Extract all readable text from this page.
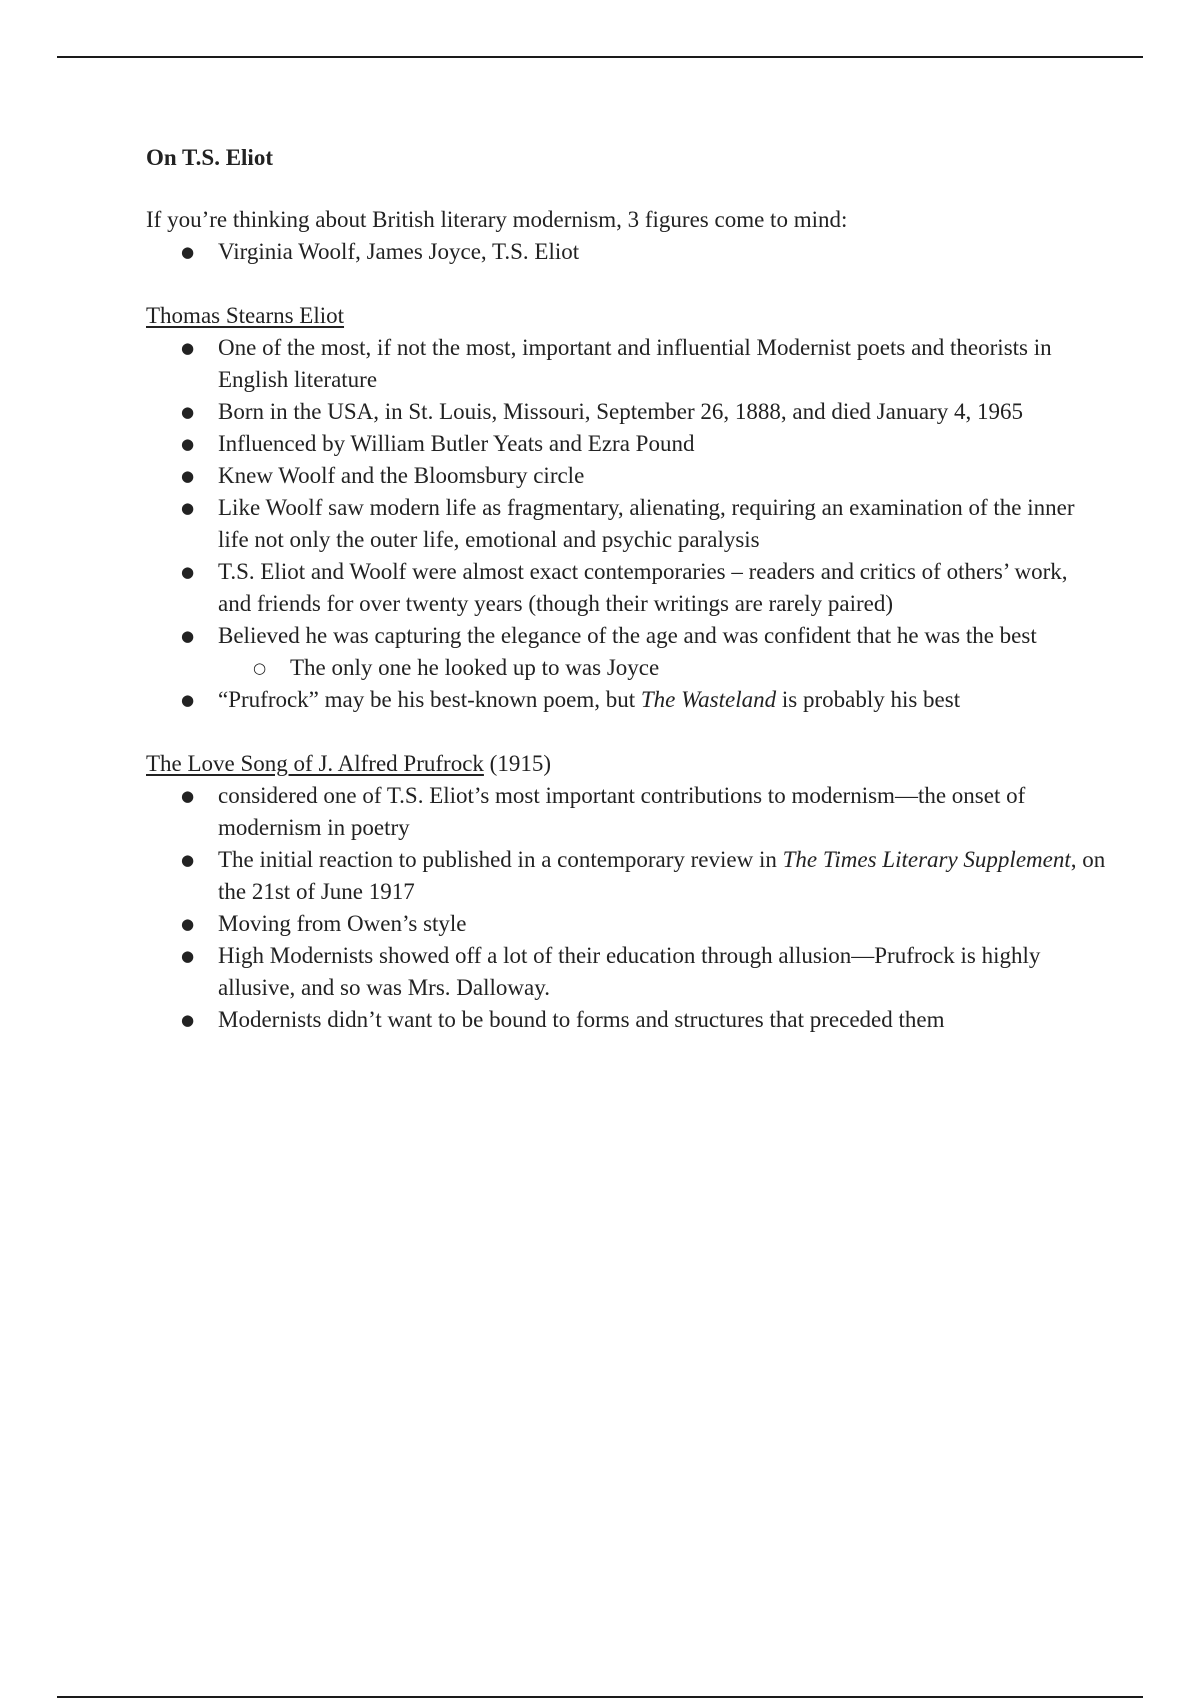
On T.S. Eliot

If you’re thinking about British literary modernism, 3 figures come to mind:

● Virginia Woolf, James Joyce, T.S. Eliot

Thomas Stearns Eliot

● One of the most, if not the most, important and influential Modernist poets and theorists in English literature
● Born in the USA, in St. Louis, Missouri, September 26, 1888, and died January 4, 1965
● Influenced by William Butler Yeats and Ezra Pound
● Knew Woolf and the Bloomsbury circle
● Like Woolf saw modern life as fragmentary, alienating, requiring an examination of the inner life not only the outer life, emotional and psychic paralysis
● T.S. Eliot and Woolf were almost exact contemporaries – readers and critics of others’ work, and friends for over twenty years (though their writings are rarely paired)
● Believed he was capturing the elegance of the age and was confident that he was the best
○ The only one he looked up to was Joyce
● “Prufrock” may be his best-known poem, but The Wasteland is probably his best

The Love Song of J. Alfred Prufrock (1915)

● considered one of T.S. Eliot’s most important contributions to modernism—the onset of modernism in poetry
● The initial reaction to published in a contemporary review in The Times Literary Supplement, on the 21st of June 1917
● Moving from Owen’s style
● High Modernists showed off a lot of their education through allusion—Prufrock is highly allusive, and so was Mrs. Dalloway.
● Modernists didn’t want to be bound to forms and structures that preceded them
